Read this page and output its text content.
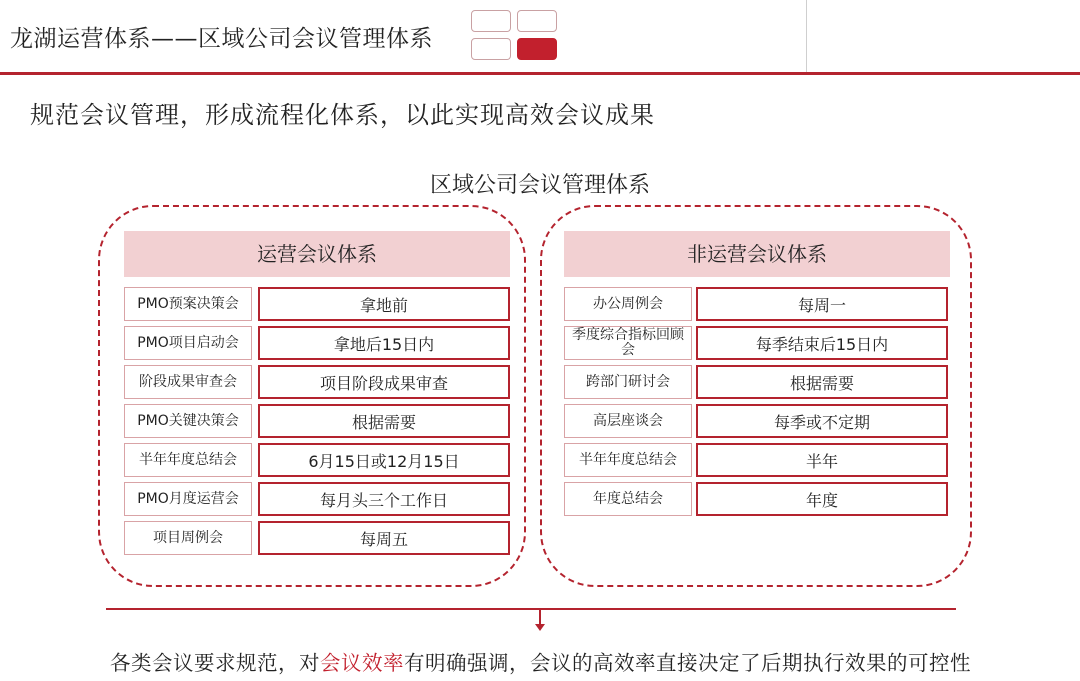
龙湖运营体系——区域公司会议管理体系
规范会议管理，形成流程化体系，以此实现高效会议成果
区域公司会议管理体系
运营会议体系
PMO预案决策会	拿地前
PMO项目启动会	拿地后15日内
阶段成果审查会	项目阶段成果审查
PMO关键决策会	根据需要
半年年度总结会	6月15日或12月15日
PMO月度运营会	每月头三个工作日
项目周例会	每周五
非运营会议体系
办公周例会	每周一
季度综合指标回顾会	每季结束后15日内
跨部门研讨会	根据需要
高层座谈会	每季或不定期
半年年度总结会	半年
年度总结会	年度
各类会议要求规范，对会议效率有明确强调，会议的高效率直接决定了后期执行效果的可控性
